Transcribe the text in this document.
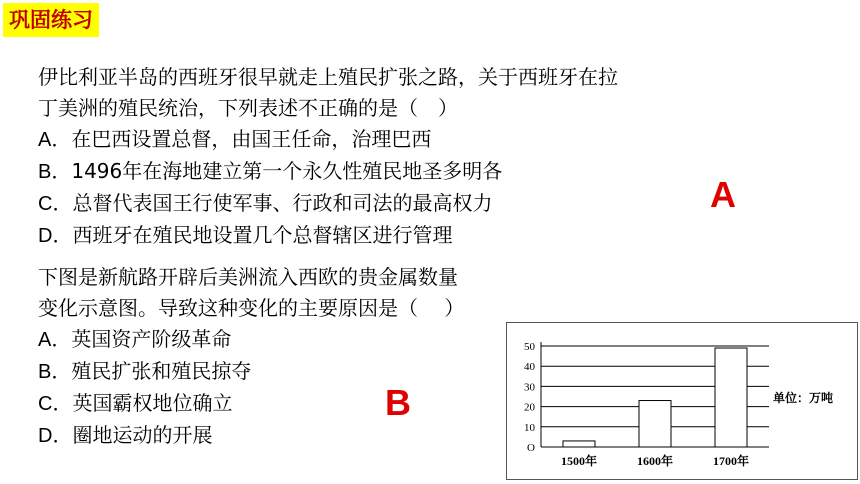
巩固练习
伊比利亚半岛的西班牙很早就走上殖民扩张之路，关于西班牙在拉
丁美洲的殖民统治，下列表述不正确的是（　）
A．在巴西设置总督，由国王任命，治理巴西
B．1496年在海地建立第一个永久性殖民地圣多明各
C．总督代表国王行使军事、行政和司法的最高权力
D．西班牙在殖民地设置几个总督辖区进行管理
A
下图是新航路开辟后美洲流入西欧的贵金属数量
变化示意图。导致这种变化的主要原因是（　 ）
A．英国资产阶级革命
B．殖民扩张和殖民掠夺
C．英国霸权地位确立
D．圈地运动的开展
B
O
10
20
30
40
50
1500年	1600年	1700年
单位：万吨
